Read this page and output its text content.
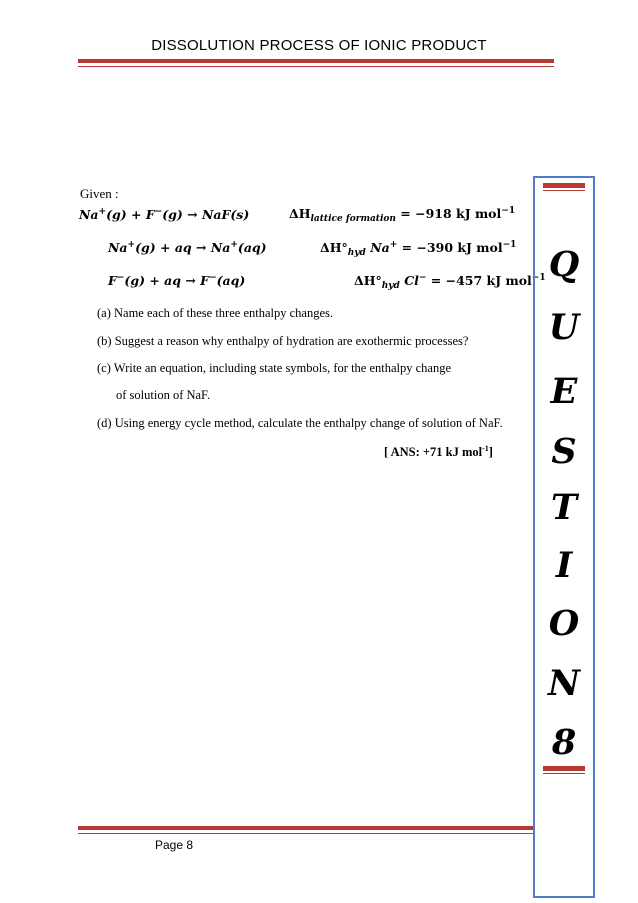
DISSOLUTION PROCESS OF IONIC PRODUCT
Given :
Na+(g) + F−(g) → NaF(s)	$\Delta H_{lattice formation} = -918$ kJ mol$^{-1}$
Na+(g) + aq → Na+(aq)	$\Delta H^\circ_{hyd}$ Na+ = −390 kJ mol$^{-1}$
F−(g) + aq → F−(aq)	$\Delta H^\circ_{hyd}$ Cl− = −457 kJ mol$^{-1}$
(a) Name each of these three enthalpy changes.
(b) Suggest a reason why enthalpy of hydration are exothermic processes?
(c) Write an equation, including state symbols, for the enthalpy change
of solution of NaF.
(d) Using energy cycle method, calculate the enthalpy change of solution of NaF.
[ ANS: +71 kJ mol$^{-1}$]
Q
U
E
S
T
I
O
N
8
Page 8
